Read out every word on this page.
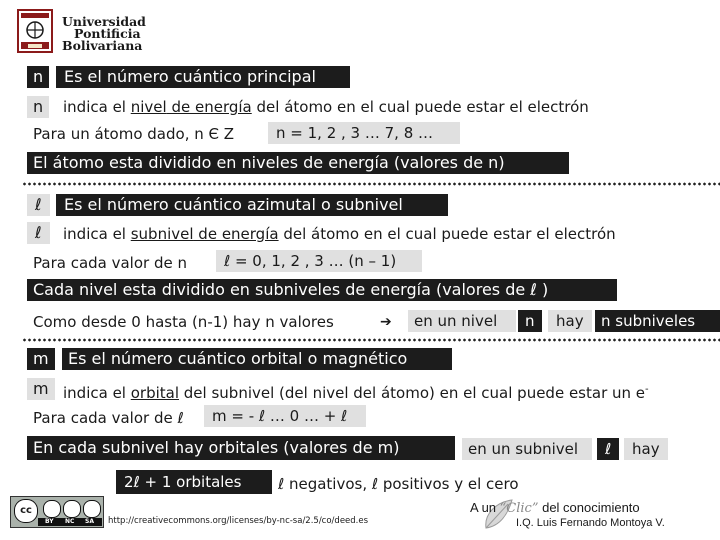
Universidad
Pontificia
Bolivariana
n	Es el número cuántico principal
n	indica el nivel de energía del átomo en el cual puede estar el electrón
Para un átomo dado, n Є Z	n = 1, 2 , 3 … 7, 8 …
El átomo esta dividido en niveles de energía (valores de n)
ℓ	Es el número cuántico azimutal o subnivel
ℓ	indica el subnivel de energía del átomo en el cual puede estar el electrón
Para cada valor de n	ℓ = 0, 1, 2 , 3 … (n – 1)
Cada nivel esta dividido en subniveles de energía (valores de ℓ )
Como desde 0 hasta (n-1) hay n valores	➔	en un nivel	n	hay	n subniveles
m	Es el número cuántico orbital o magnético
m indica el orbital del subnivel (del nivel del átomo) en el cual puede estar un e-
Para cada valor de ℓ	m = - ℓ … 0 … + ℓ
En cada subnivel hay orbitales (valores de m)	en un subnivel	ℓ	hay
2ℓ + 1 orbitales	ℓ negativos, ℓ positivos y el cero
cc
BY NC SA http://creativecommons.org/licenses/by-nc-sa/2.5/co/deed.es
A un “Clic” del conocimiento
I.Q. Luis Fernando Montoya V.
